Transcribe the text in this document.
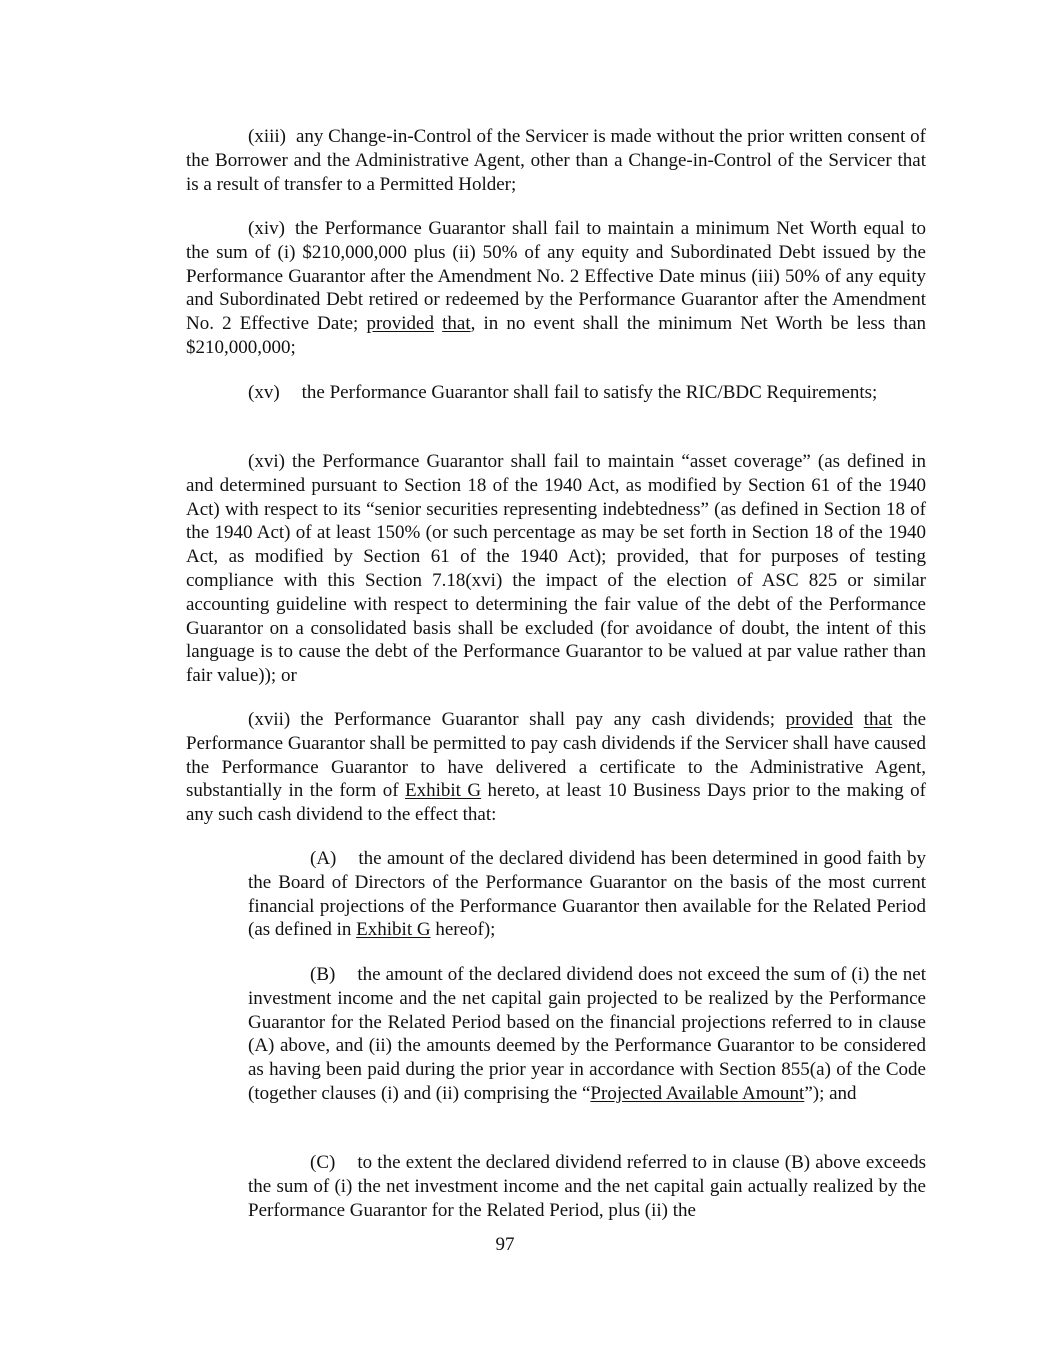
(xiii) any Change-in-Control of the Servicer is made without the prior written consent of the Borrower and the Administrative Agent, other than a Change-in-Control of the Servicer that is a result of transfer to a Permitted Holder;

(xiv) the Performance Guarantor shall fail to maintain a minimum Net Worth equal to the sum of (i) $210,000,000 plus (ii) 50% of any equity and Subordinated Debt issued by the Performance Guarantor after the Amendment No. 2 Effective Date minus (iii) 50% of any equity and Subordinated Debt retired or redeemed by the Performance Guarantor after the Amendment No. 2 Effective Date; provided that, in no event shall the minimum Net Worth be less than $210,000,000;

(xv) the Performance Guarantor shall fail to satisfy the RIC/BDC Requirements;

(xvi) the Performance Guarantor shall fail to maintain “asset coverage” (as defined in and determined pursuant to Section 18 of the 1940 Act, as modified by Section 61 of the 1940 Act) with respect to its “senior securities representing indebtedness” (as defined in Section 18 of the 1940 Act) of at least 150% (or such percentage as may be set forth in Section 18 of the 1940 Act, as modified by Section 61 of the 1940 Act); provided, that for purposes of testing compliance with this Section 7.18(xvi) the impact of the election of ASC 825 or similar accounting guideline with respect to determining the fair value of the debt of the Performance Guarantor on a consolidated basis shall be excluded (for avoidance of doubt, the intent of this language is to cause the debt of the Performance Guarantor to be valued at par value rather than fair value)); or

(xvii) the Performance Guarantor shall pay any cash dividends; provided that the Performance Guarantor shall be permitted to pay cash dividends if the Servicer shall have caused the Performance Guarantor to have delivered a certificate to the Administrative Agent, substantially in the form of Exhibit G hereto, at least 10 Business Days prior to the making of any such cash dividend to the effect that:

(A) the amount of the declared dividend has been determined in good faith by the Board of Directors of the Performance Guarantor on the basis of the most current financial projections of the Performance Guarantor then available for the Related Period (as defined in Exhibit G hereof);

(B) the amount of the declared dividend does not exceed the sum of (i) the net investment income and the net capital gain projected to be realized by the Performance Guarantor for the Related Period based on the financial projections referred to in clause (A) above, and (ii) the amounts deemed by the Performance Guarantor to be considered as having been paid during the prior year in accordance with Section 855(a) of the Code (together clauses (i) and (ii) comprising the “Projected Available Amount”); and

(C) to the extent the declared dividend referred to in clause (B) above exceeds the sum of (i) the net investment income and the net capital gain actually realized by the Performance Guarantor for the Related Period, plus (ii) the

97
